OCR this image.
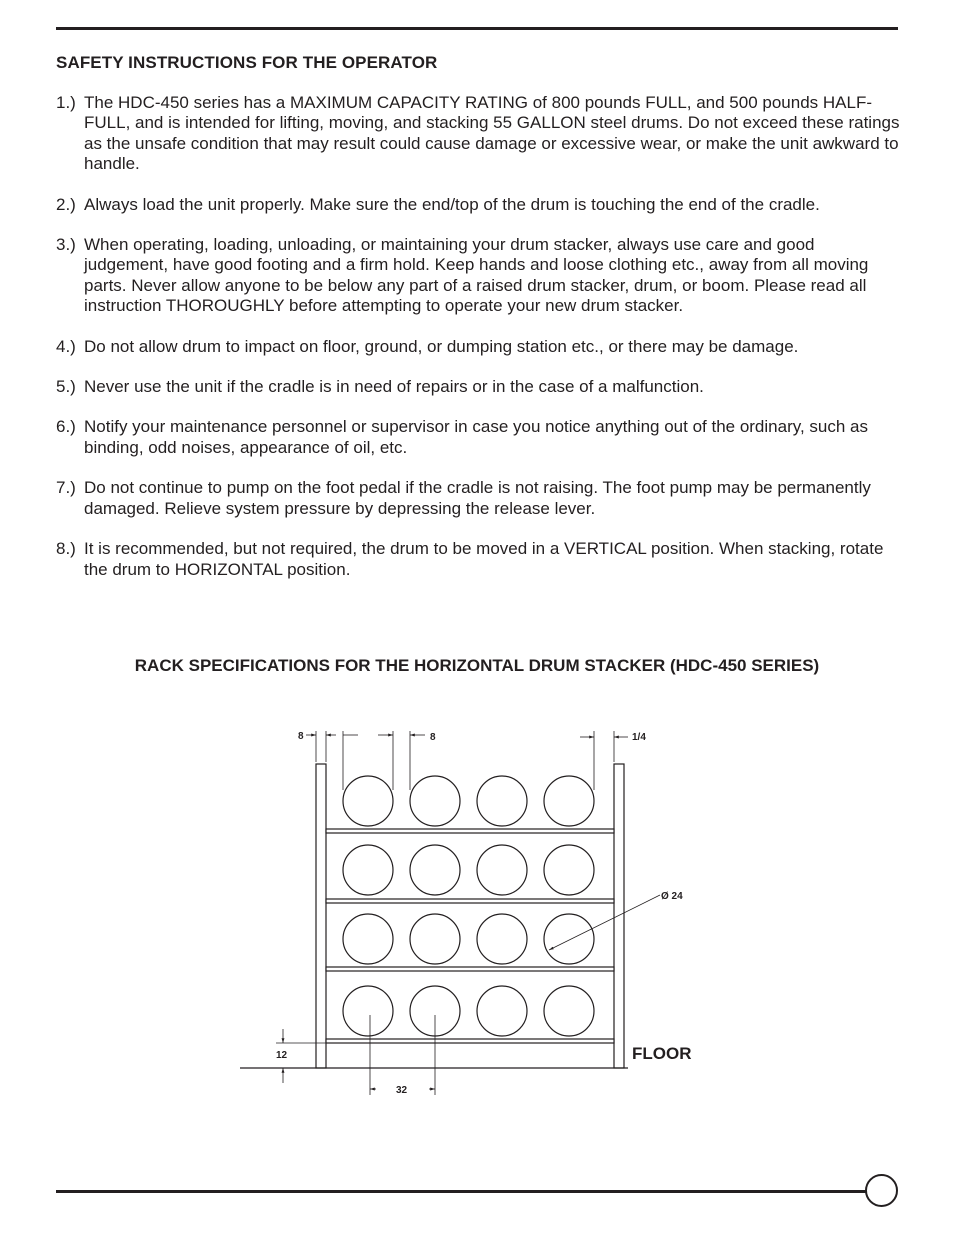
SAFETY INSTRUCTIONS FOR THE OPERATOR
1.) The HDC-450 series has a MAXIMUM CAPACITY RATING of 800 pounds FULL, and 500 pounds HALF-FULL, and is intended for lifting, moving, and stacking 55 GALLON steel drums. Do not exceed these ratings as the unsafe condition that may result could cause damage or excessive wear, or make the unit awkward to handle.
2.) Always load the unit properly. Make sure the end/top of the drum is touching the end of the cradle.
3.) When operating, loading, unloading, or maintaining your drum stacker, always use care and good judgement, have good footing and a firm hold. Keep hands and loose clothing etc., away from all moving parts. Never allow anyone to be below any part of a raised drum stacker, drum, or boom. Please read all instruction THOROUGHLY before attempting to operate your new drum stacker.
4.) Do not allow drum to impact on floor, ground, or dumping station etc., or there may be damage.
5.) Never use the unit if the cradle is in need of repairs or in the case of a malfunction.
6.) Notify your maintenance personnel or supervisor in case you notice anything out of the ordinary, such as binding, odd noises, appearance of oil, etc.
7.) Do not continue to pump on the foot pedal if the cradle is not raising. The foot pump may be permanently damaged. Relieve system pressure by depressing the release lever.
8.) It is recommended, but not required, the drum to be moved in a VERTICAL position. When stacking, rotate the drum to HORIZONTAL position.
RACK SPECIFICATIONS FOR THE HORIZONTAL DRUM STACKER (HDC-450 SERIES)
8	8	1/4
Ø 24
12
32
FLOOR
